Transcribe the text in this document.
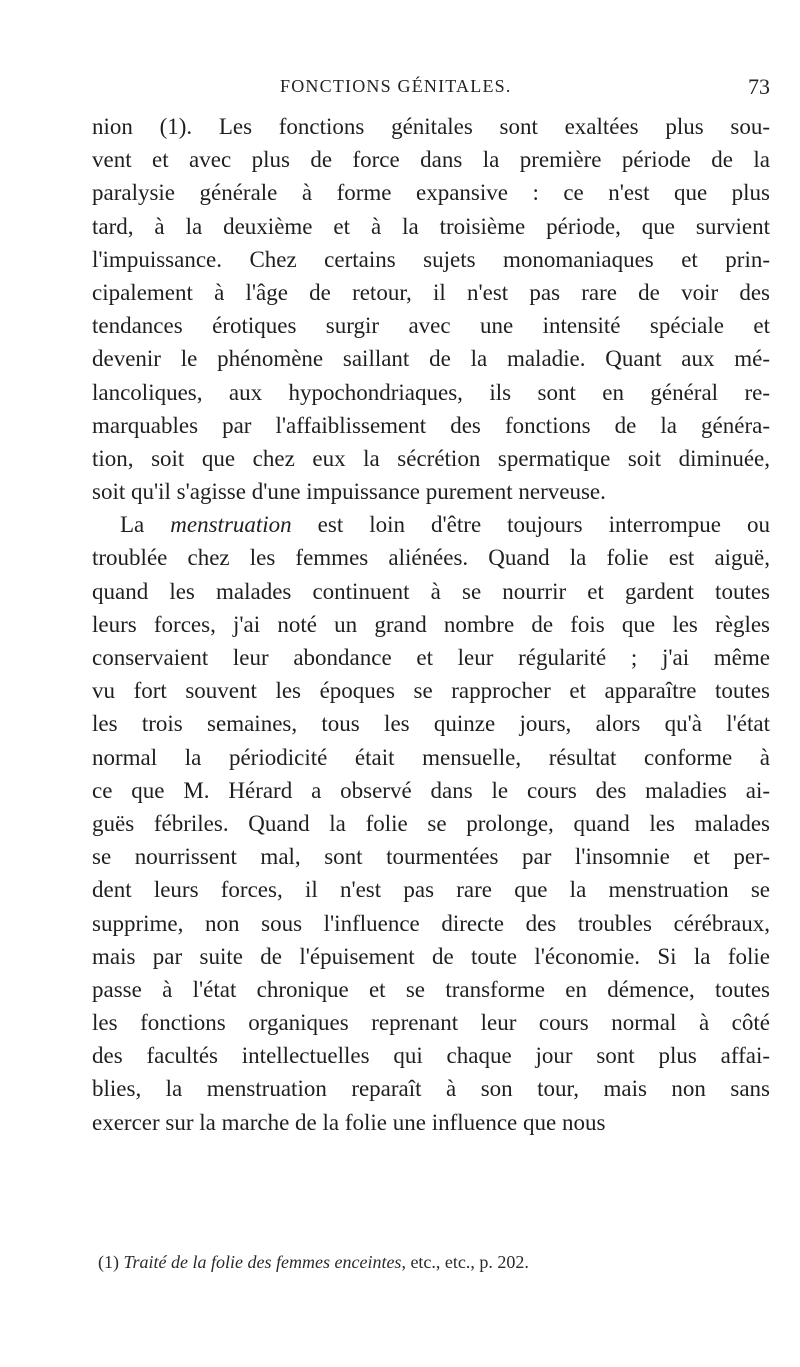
FONCTIONS GÉNITALES.	73
nion (1). Les fonctions génitales sont exaltées plus sou-
vent et avec plus de force dans la première période de la
paralysie générale à forme expansive : ce n'est que plus
tard, à la deuxième et à la troisième période, que survient
l'impuissance. Chez certains sujets monomaniaques et prin-
cipalement à l'âge de retour, il n'est pas rare de voir des
tendances érotiques surgir avec une intensité spéciale et
devenir le phénomène saillant de la maladie. Quant aux mé-
lancoliques, aux hypochondriaques, ils sont en général re-
marquables par l'affaiblissement des fonctions de la généra-
tion, soit que chez eux la sécrétion spermatique soit diminuée,
soit qu'il s'agisse d'une impuissance purement nerveuse.
La menstruation est loin d'être toujours interrompue ou
troublée chez les femmes aliénées. Quand la folie est aiguë,
quand les malades continuent à se nourrir et gardent toutes
leurs forces, j'ai noté un grand nombre de fois que les règles
conservaient leur abondance et leur régularité ; j'ai même
vu fort souvent les époques se rapprocher et apparaître toutes
les trois semaines, tous les quinze jours, alors qu'à l'état
normal la périodicité était mensuelle, résultat conforme à
ce que M. Hérard a observé dans le cours des maladies ai-
guës fébriles. Quand la folie se prolonge, quand les malades
se nourrissent mal, sont tourmentées par l'insomnie et per-
dent leurs forces, il n'est pas rare que la menstruation se
supprime, non sous l'influence directe des troubles cérébraux,
mais par suite de l'épuisement de toute l'économie. Si la folie
passe à l'état chronique et se transforme en démence, toutes
les fonctions organiques reprenant leur cours normal à côté
des facultés intellectuelles qui chaque jour sont plus affai-
blies, la menstruation reparaît à son tour, mais non sans
exercer sur la marche de la folie une influence que nous
(1) Traité de la folie des femmes enceintes, etc., etc., p. 202.
